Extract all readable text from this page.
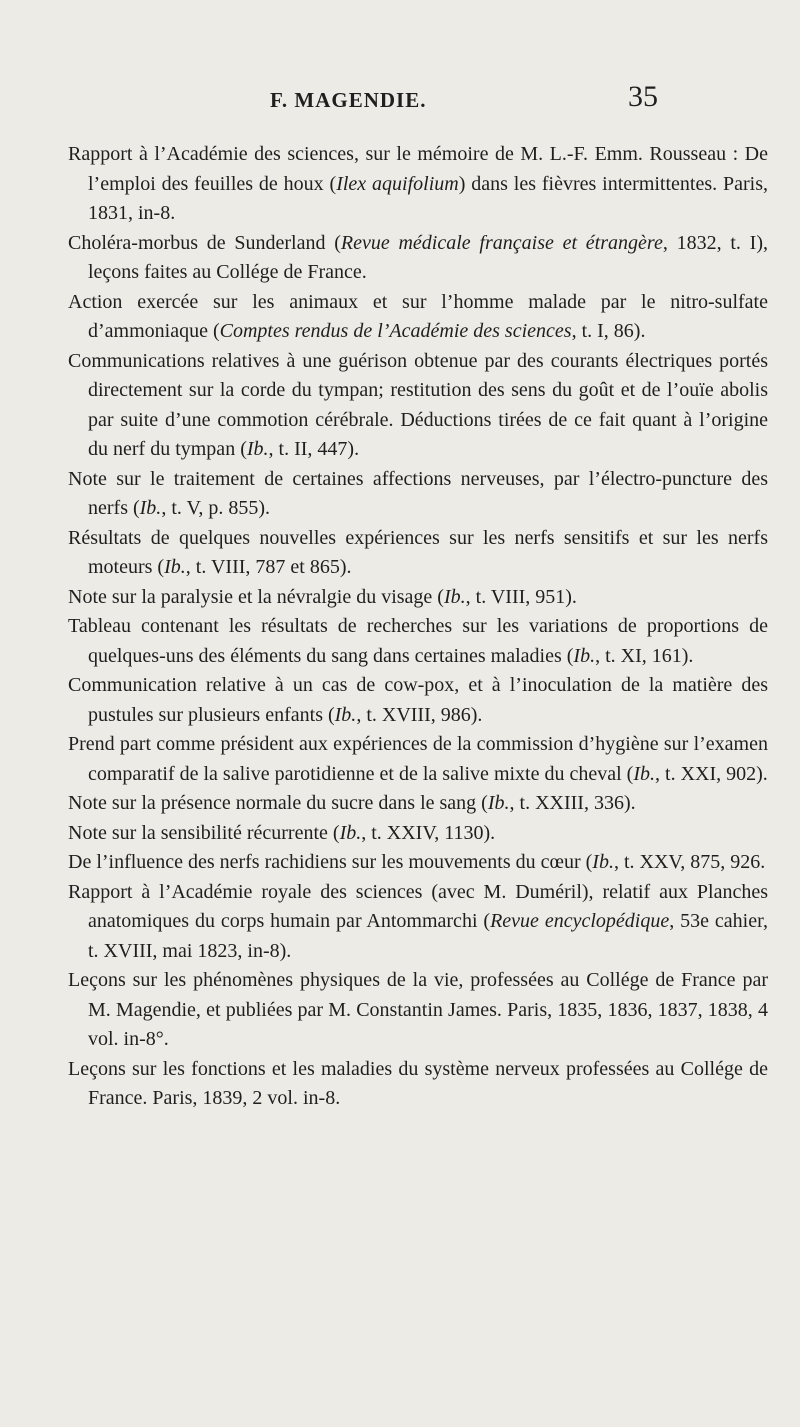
F. MAGENDIE.	35
Rapport à l’Académie des sciences, sur le mémoire de M. L.-F. Emm. Rousseau : De l’emploi des feuilles de houx (Ilex aquifolium) dans les fièvres intermittentes. Paris, 1831, in-8.
Choléra-morbus de Sunderland (Revue médicale française et étrangère, 1832, t. I), leçons faites au Collége de France.
Action exercée sur les animaux et sur l’homme malade par le nitro-sulfate d’ammoniaque (Comptes rendus de l’Académie des sciences, t. I, 86).
Communications relatives à une guérison obtenue par des courants électriques portés directement sur la corde du tympan; restitution des sens du goût et de l’ouïe abolis par suite d’une commotion cérébrale. Déductions tirées de ce fait quant à l’origine du nerf du tympan (Ib., t. II, 447).
Note sur le traitement de certaines affections nerveuses, par l’électro-puncture des nerfs (Ib., t. V, p. 855).
Résultats de quelques nouvelles expériences sur les nerfs sensitifs et sur les nerfs moteurs (Ib., t. VIII, 787 et 865).
Note sur la paralysie et la névralgie du visage (Ib., t. VIII, 951).
Tableau contenant les résultats de recherches sur les variations de proportions de quelques-uns des éléments du sang dans certaines maladies (Ib., t. XI, 161).
Communication relative à un cas de cow-pox, et à l’inoculation de la matière des pustules sur plusieurs enfants (Ib., t. XVIII, 986).
Prend part comme président aux expériences de la commission d’hygiène sur l’examen comparatif de la salive parotidienne et de la salive mixte du cheval (Ib., t. XXI, 902).
Note sur la présence normale du sucre dans le sang (Ib., t. XXIII, 336).
Note sur la sensibilité récurrente (Ib., t. XXIV, 1130).
De l’influence des nerfs rachidiens sur les mouvements du cœur (Ib., t. XXV, 875, 926.
Rapport à l’Académie royale des sciences (avec M. Duméril), relatif aux Planches anatomiques du corps humain par Antommarchi (Revue encyclopédique, 53e cahier, t. XVIII, mai 1823, in-8).
Leçons sur les phénomènes physiques de la vie, professées au Collége de France par M. Magendie, et publiées par M. Constantin James. Paris, 1835, 1836, 1837, 1838, 4 vol. in-8°.
Leçons sur les fonctions et les maladies du système nerveux professées au Collége de France. Paris, 1839, 2 vol. in-8.
